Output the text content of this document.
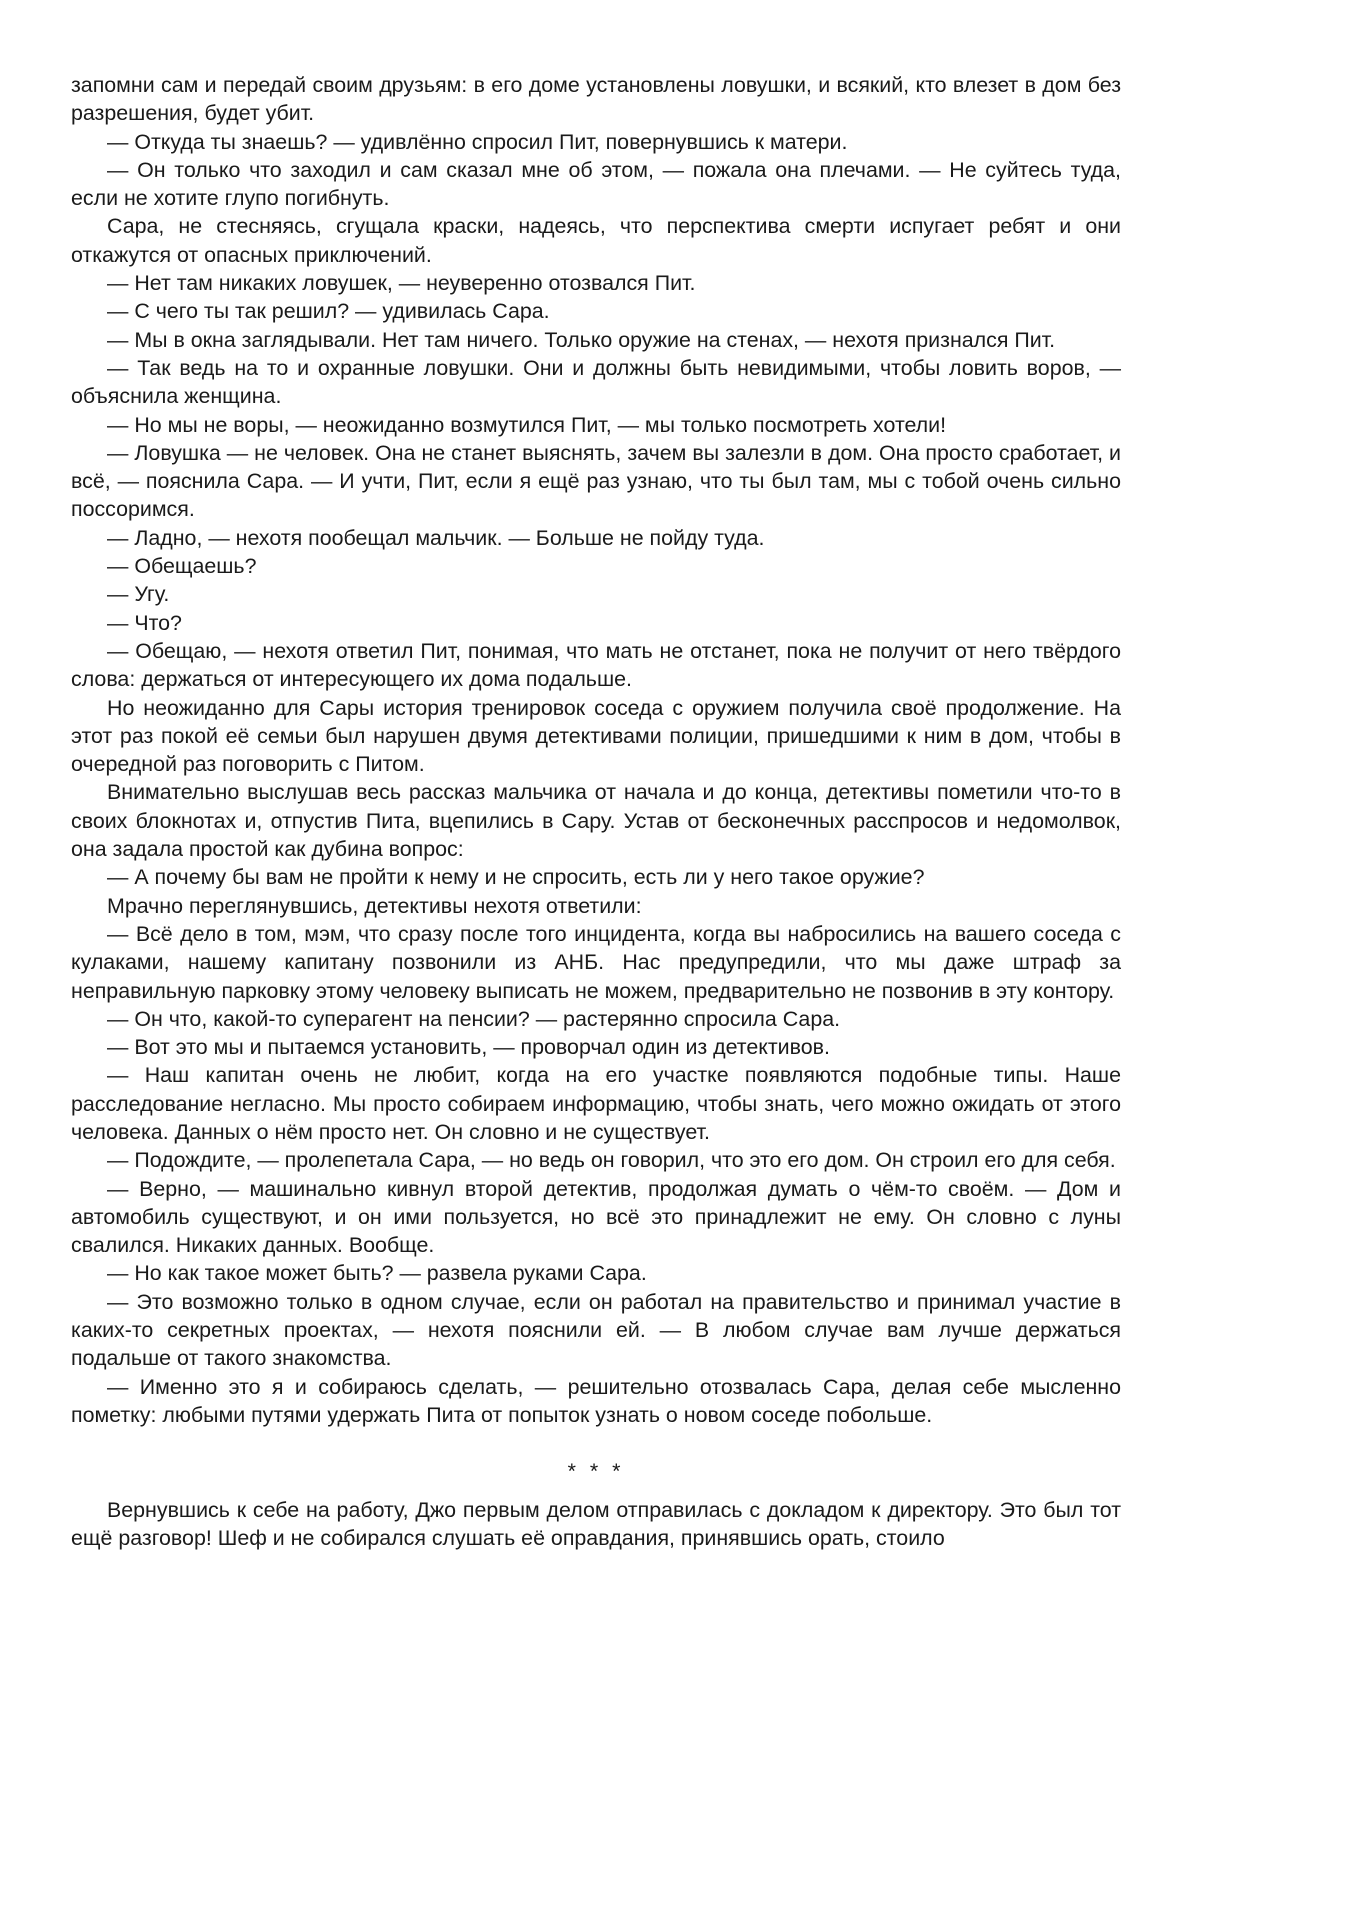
запомни сам и передай своим друзьям: в его доме установлены ловушки, и всякий, кто влезет в дом без разрешения, будет убит.

— Откуда ты знаешь? — удивлённо спросил Пит, повернувшись к матери.

— Он только что заходил и сам сказал мне об этом, — пожала она плечами. — Не суйтесь туда, если не хотите глупо погибнуть.

Сара, не стесняясь, сгущала краски, надеясь, что перспектива смерти испугает ребят и они откажутся от опасных приключений.

— Нет там никаких ловушек, — неуверенно отозвался Пит.

— С чего ты так решил? — удивилась Сара.

— Мы в окна заглядывали. Нет там ничего. Только оружие на стенах, — нехотя признался Пит.

— Так ведь на то и охранные ловушки. Они и должны быть невидимыми, чтобы ловить воров, — объяснила женщина.

— Но мы не воры, — неожиданно возмутился Пит, — мы только посмотреть хотели!

— Ловушка — не человек. Она не станет выяснять, зачем вы залезли в дом. Она просто сработает, и всё, — пояснила Сара. — И учти, Пит, если я ещё раз узнаю, что ты был там, мы с тобой очень сильно поссоримся.

— Ладно, — нехотя пообещал мальчик. — Больше не пойду туда.

— Обещаешь?

— Угу.

— Что?

— Обещаю, — нехотя ответил Пит, понимая, что мать не отстанет, пока не получит от него твёрдого слова: держаться от интересующего их дома подальше.

Но неожиданно для Сары история тренировок соседа с оружием получила своё продолжение. На этот раз покой её семьи был нарушен двумя детективами полиции, пришедшими к ним в дом, чтобы в очередной раз поговорить с Питом.

Внимательно выслушав весь рассказ мальчика от начала и до конца, детективы пометили что-то в своих блокнотах и, отпустив Пита, вцепились в Сару. Устав от бесконечных расспросов и недомолвок, она задала простой как дубина вопрос:

— А почему бы вам не пройти к нему и не спросить, есть ли у него такое оружие?

Мрачно переглянувшись, детективы нехотя ответили:

— Всё дело в том, мэм, что сразу после того инцидента, когда вы набросились на вашего соседа с кулаками, нашему капитану позвонили из АНБ. Нас предупредили, что мы даже штраф за неправильную парковку этому человеку выписать не можем, предварительно не позвонив в эту контору.

— Он что, какой-то суперагент на пенсии? — растерянно спросила Сара.

— Вот это мы и пытаемся установить, — проворчал один из детективов.

— Наш капитан очень не любит, когда на его участке появляются подобные типы. Наше расследование негласно. Мы просто собираем информацию, чтобы знать, чего можно ожидать от этого человека. Данных о нём просто нет. Он словно и не существует.

— Подождите, — пролепетала Сара, — но ведь он говорил, что это его дом. Он строил его для себя.

— Верно, — машинально кивнул второй детектив, продолжая думать о чём-то своём. — Дом и автомобиль существуют, и он ими пользуется, но всё это принадлежит не ему. Он словно с луны свалился. Никаких данных. Вообще.

— Но как такое может быть? — развела руками Сара.

— Это возможно только в одном случае, если он работал на правительство и принимал участие в каких-то секретных проектах, — нехотя пояснили ей. — В любом случае вам лучше держаться подальше от такого знакомства.

— Именно это я и собираюсь сделать, — решительно отозвалась Сара, делая себе мысленно пометку: любыми путями удержать Пита от попыток узнать о новом соседе побольше.

* * *

Вернувшись к себе на работу, Джо первым делом отправилась с докладом к директору. Это был тот ещё разговор! Шеф и не собирался слушать её оправдания, принявшись орать, стоило
